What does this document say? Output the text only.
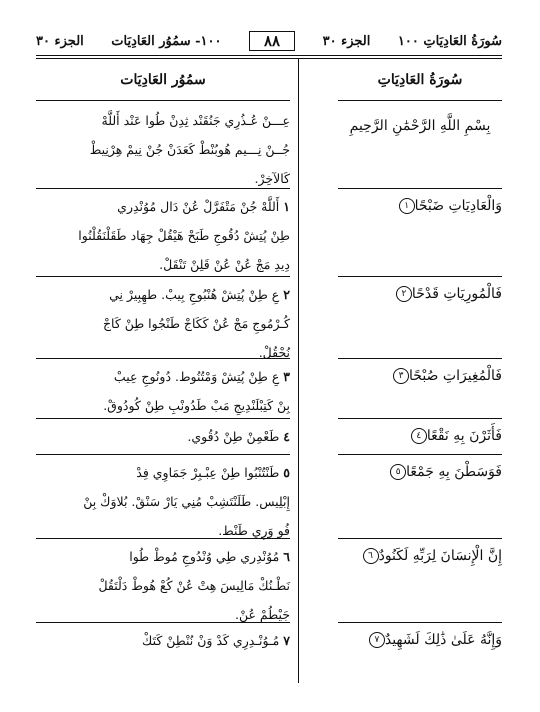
سُورَةُ العَادِيَاتِ ١٠٠
الجزء ٣٠
٨٨
١٠٠- سمُوُر العَادِيَات
الجزء ٣٠
سُورَةُ العَادِيَاتِ
بِسْمِ اللَّهِ الرَّحْمَٰنِ الرَّحِيمِ
وَالْعَادِيَاتِ ضَبْحًا١
فَالْمُورِيَاتِ قَدْحًا٢
فَالْمُغِيرَاتِ صُبْحًا٣
فَأَثَرْنَ بِهِ نَقْعًا٤
فَوَسَطْنَ بِهِ جَمْعًا٥
إِنَّ الْإِنسَانَ لِرَبِّهِ لَكَنُودٌ٦
وَإِنَّهُ عَلَىٰ ذَٰلِكَ لَشَهِيدٌ٧
سمُوُر العَادِيَات
عِـــنْ عُـذُرِي جَنُقَنْد ثِدِنْ طُوا عَنْد أَللَّهْ
جُــنْ نِـــيم هُوبُنْطْ كَعَدَنْ جُنْ نِيمْ هِرْنِيطْ
كَالآخِرْ.
١أَللَّهْ جُنْ مَتْفَرَّلْ عُنْ دَال مُوُنْدِري
طِنْ پُتِشْ دُقُوجِ طَبَحْ هَيْقُلْ جِهَاد طَقَلْنَقُلْنُوا
دِيدِ مَجْ عُنْ عُنْ قَلِنْ تَنْقَلْ.
٢عِ طِنْ پُتِشْ هُنْبُوجِ بِيبْ. طهِبِيرْ نِي
كُـرْمُوجِ مَجْ عُنْ كَكَاجْ طَنْجُوا طِنْ كَاجْ
نُجْقُلْ.
٣عِ طِنْ پُتِشْ وَمْتُنُوط. دُونُوجِ عِيبْ
بِنْ كَتِبْلَنْدِيجِ مَبْ طَدُونْبِ طِنْ كُودُوقْ.
٤طَعْمِنْ طِنْ دُقُوي.
٥طَنْتُنْبُوا طِنْ عِبْـبِرْ جَمَاوِي فِدْ
إِبْلِيس. طَلَنْتَشِبْ مُنِي يَارْ سَنْقْ. بُلاوَكْ بِنْ
فُو وَرِي طَنْط.
٦مُوُنْدِري طِي وُنْدُوجِ مُوطْ طُوا
نَطْـنُكْ مَالِيسَ هِتْ عُنْ كُعْ هُوطْ دَلْتَقُلْ
جَيْطُمْ عُنْ.
٧مُـوُنْـدِرِي كَدْ وَنْ نُنْطِنْ كَتَكْ
